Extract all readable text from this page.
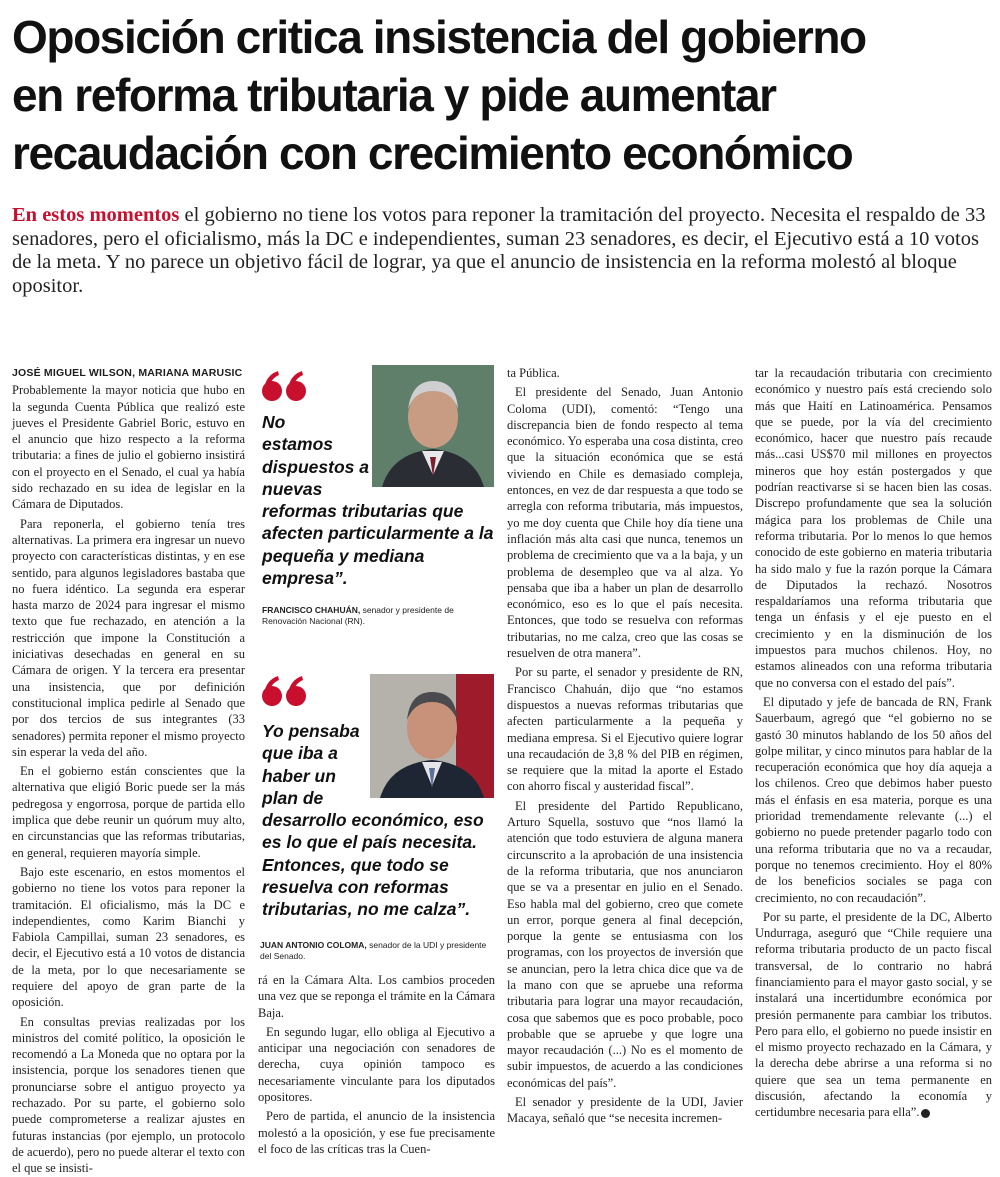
Oposición critica insistencia del gobierno
en reforma tributaria y pide aumentar
recaudación con crecimiento económico

En estos momentos el gobierno no tiene los votos para reponer la tramitación del proyecto. Necesita el respaldo de 33 senadores, pero el oficialismo, más la DC e independientes, suman 23 senadores, es decir, el Ejecutivo está a 10 votos de la meta. Y no parece un objetivo fácil de lograr, ya que el anuncio de insistencia en la reforma molestó al bloque opositor.

JOSÉ MIGUEL WILSON, MARIANA MARUSIC

Probablemente la mayor noticia que hubo en la segunda Cuenta Pública que realizó este jueves el Presidente Gabriel Boric, estuvo en el anuncio que hizo respecto a la reforma tributaria: a fines de julio el gobierno insistirá con el proyecto en el Senado, el cual ya había sido rechazado en su idea de legislar en la Cámara de Diputados.

Para reponerla, el gobierno tenía tres alternativas. La primera era ingresar un nuevo proyecto con características distintas, y en ese sentido, para algunos legisladores bastaba que no fuera idéntico. La segunda era esperar hasta marzo de 2024 para ingresar el mismo texto que fue rechazado, en atención a la restricción que impone la Constitución a iniciativas desechadas en general en su Cámara de origen. Y la tercera era presentar una insistencia, que por definición constitucional implica pedirle al Senado que por dos tercios de sus integrantes (33 senadores) permita reponer el mismo proyecto sin esperar la veda del año.

En el gobierno están conscientes que la alternativa que eligió Boric puede ser la más pedregosa y engorrosa, porque de partida ello implica que debe reunir un quórum muy alto, en circunstancias que las reformas tributarias, en general, requieren mayoría simple.

Bajo este escenario, en estos momentos el gobierno no tiene los votos para reponer la tramitación. El oficialismo, más la DC e independientes, como Karim Bianchi y Fabiola Campillai, suman 23 senadores, es decir, el Ejecutivo está a 10 votos de distancia de la meta, por lo que necesariamente se requiere del apoyo de gran parte de la oposición.

En consultas previas realizadas por los ministros del comité político, la oposición le recomendó a La Moneda que no optara por la insistencia, porque los senadores tienen que pronunciarse sobre el antiguo proyecto ya rechazado. Por su parte, el gobierno solo puede comprometerse a realizar ajustes en futuras instancias (por ejemplo, un protocolo de acuerdo), pero no puede alterar el texto con el que se insisti-

No
estamos
dispuestos a
nuevas
reformas tributarias que
afecten particularmente a la
pequeña y mediana
empresa”.
FRANCISCO CHAHUÁN, senador y presidente de Renovación Nacional (RN).
Yo pensaba
que iba a
haber un
plan de
desarrollo económico, eso
es lo que el país necesita.
Entonces, que todo se
resuelva con reformas
tributarias, no me calza”.
JUAN ANTONIO COLOMA, senador de la UDI y presidente del Senado.

rá en la Cámara Alta. Los cambios proceden una vez que se reponga el trámite en la Cámara Baja.

En segundo lugar, ello obliga al Ejecutivo a anticipar una negociación con senadores de derecha, cuya opinión tampoco es necesariamente vinculante para los diputados opositores.

Pero de partida, el anuncio de la insistencia molestó a la oposición, y ese fue precisamente el foco de las críticas tras la Cuen-

ta Pública.

El presidente del Senado, Juan Antonio Coloma (UDI), comentó: “Tengo una discrepancia bien de fondo respecto al tema económico. Yo esperaba una cosa distinta, creo que la situación económica que se está viviendo en Chile es demasiado compleja, entonces, en vez de dar respuesta a que todo se arregla con reforma tributaria, más impuestos, yo me doy cuenta que Chile hoy día tiene una inflación más alta casi que nunca, tenemos un problema de crecimiento que va a la baja, y un problema de desempleo que va al alza. Yo pensaba que iba a haber un plan de desarrollo económico, eso es lo que el país necesita. Entonces, que todo se resuelva con reformas tributarias, no me calza, creo que las cosas se resuelven de otra manera”.

Por su parte, el senador y presidente de RN, Francisco Chahuán, dijo que “no estamos dispuestos a nuevas reformas tributarias que afecten particularmente a la pequeña y mediana empresa. Si el Ejecutivo quiere lograr una recaudación de 3,8 % del PIB en régimen, se requiere que la mitad la aporte el Estado con ahorro fiscal y austeridad fiscal”.

El presidente del Partido Republicano, Arturo Squella, sostuvo que “nos llamó la atención que todo estuviera de alguna manera circunscrito a la aprobación de una insistencia de la reforma tributaria, que nos anunciaron que se va a presentar en julio en el Senado. Eso habla mal del gobierno, creo que comete un error, porque genera al final decepción, porque la gente se entusiasma con los programas, con los proyectos de inversión que se anuncian, pero la letra chica dice que va de la mano con que se apruebe una reforma tributaria para lograr una mayor recaudación, cosa que sabemos que es poco probable, poco probable que se apruebe y que logre una mayor recaudación (...) No es el momento de subir impuestos, de acuerdo a las condiciones económicas del país”.

El senador y presidente de la UDI, Javier Macaya, señaló que “se necesita incremen-

tar la recaudación tributaria con crecimiento económico y nuestro país está creciendo solo más que Haití en Latinoamérica. Pensamos que se puede, por la vía del crecimiento económico, hacer que nuestro país recaude más...casi US$70 mil millones en proyectos mineros que hoy están postergados y que podrían reactivarse si se hacen bien las cosas. Discrepo profundamente que sea la solución mágica para los problemas de Chile una reforma tributaria. Por lo menos lo que hemos conocido de este gobierno en materia tributaria ha sido malo y fue la razón porque la Cámara de Diputados la rechazó. Nosotros respaldaríamos una reforma tributaria que tenga un énfasis y el eje puesto en el crecimiento y en la disminución de los impuestos para muchos chilenos. Hoy, no estamos alineados con una reforma tributaria que no conversa con el estado del país”.

El diputado y jefe de bancada de RN, Frank Sauerbaum, agregó que “el gobierno no se gastó 30 minutos hablando de los 50 años del golpe militar, y cinco minutos para hablar de la recuperación económica que hoy día aqueja a los chilenos. Creo que debimos haber puesto más el énfasis en esa materia, porque es una prioridad tremendamente relevante (...) el gobierno no puede pretender pagarlo todo con una reforma tributaria que no va a recaudar, porque no tenemos crecimiento. Hoy el 80% de los beneficios sociales se paga con crecimiento, no con recaudación”.

Por su parte, el presidente de la DC, Alberto Undurraga, aseguró que “Chile requiere una reforma tributaria producto de un pacto fiscal transversal, de lo contrario no habrá financiamiento para el mayor gasto social, y se instalará una incertidumbre económica por presión permanente para cambiar los tributos. Pero para ello, el gobierno no puede insistir en el mismo proyecto rechazado en la Cámara, y la derecha debe abrirse a una reforma si no quiere que sea un tema permanente en discusión, afectando la economía y certidumbre necesaria para ella”.
